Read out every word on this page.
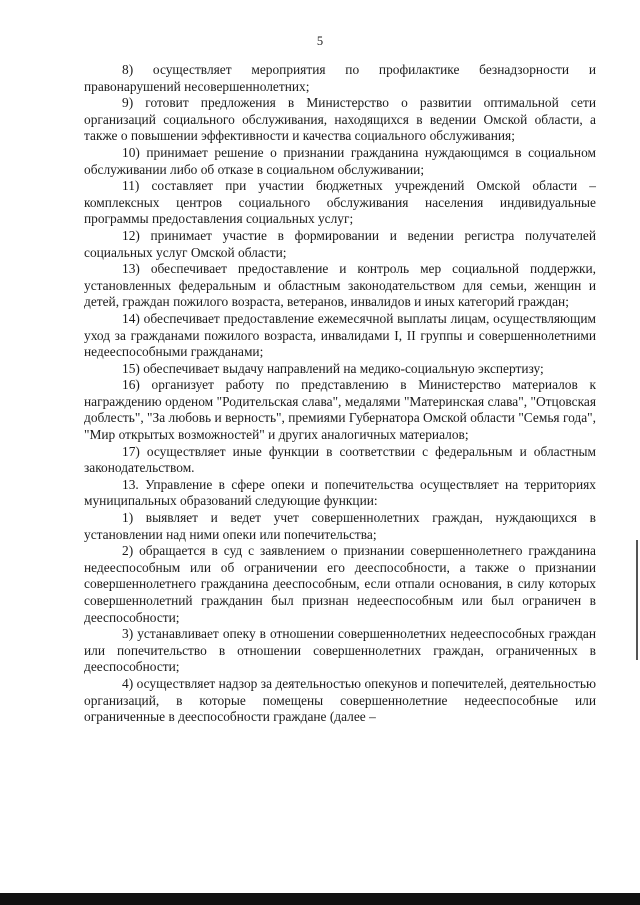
5

8) осуществляет мероприятия по профилактике безнадзорности и правонарушений несовершеннолетних;

9) готовит предложения в Министерство о развитии оптимальной сети организаций социального обслуживания, находящихся в ведении Омской области, а также о повышении эффективности и качества социального обслуживания;

10) принимает решение о признании гражданина нуждающимся в социальном обслуживании либо об отказе в социальном обслуживании;

11) составляет при участии бюджетных учреждений Омской области – комплексных центров социального обслуживания населения индивидуальные программы предоставления социальных услуг;

12) принимает участие в формировании и ведении регистра получателей социальных услуг Омской области;

13) обеспечивает предоставление и контроль мер социальной поддержки, установленных федеральным и областным законодательством для семьи, женщин и детей, граждан пожилого возраста, ветеранов, инвалидов и иных категорий граждан;

14) обеспечивает предоставление ежемесячной выплаты лицам, осуществляющим уход за гражданами пожилого возраста, инвалидами I, II группы и совершеннолетними недееспособными гражданами;

15) обеспечивает выдачу направлений на медико-социальную экспертизу;

16) организует работу по представлению в Министерство материалов к награждению орденом "Родительская слава", медалями "Материнская слава", "Отцовская доблесть", "За любовь и верность", премиями Губернатора Омской области "Семья года", "Мир открытых возможностей" и других аналогичных материалов;

17) осуществляет иные функции в соответствии с федеральным и областным законодательством.

13. Управление в сфере опеки и попечительства осуществляет на территориях муниципальных образований следующие функции:

1) выявляет и ведет учет совершеннолетних граждан, нуждающихся в установлении над ними опеки или попечительства;

2) обращается в суд с заявлением о признании совершеннолетнего гражданина недееспособным или об ограничении его дееспособности, а также о признании совершеннолетнего гражданина дееспособным, если отпали основания, в силу которых совершеннолетний гражданин был признан недееспособным или был ограничен в дееспособности;

3) устанавливает опеку в отношении совершеннолетних недееспособных граждан или попечительство в отношении совершеннолетних граждан, ограниченных в дееспособности;

4) осуществляет надзор за деятельностью опекунов и попечителей, деятельностью организаций, в которые помещены совершеннолетние недееспособные или ограниченные в дееспособности граждане (далее –
